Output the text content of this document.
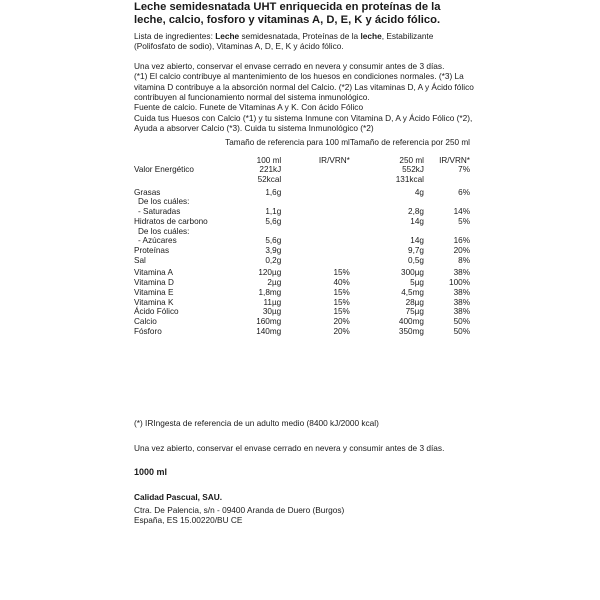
Leche semidesnatada UHT enriquecida en proteínas de la leche, calcio, fosforo y vitaminas A, D, E, K y ácido fólico.

Lista de ingredientes: Leche semidesnatada, Proteínas de la leche, Estabilizante (Polifosfato de sodio), Vitaminas A, D, E, K y ácido fólico.

Una vez abierto, conservar el envase cerrado en nevera y consumir antes de 3 días.

(*1) El calcio contribuye al mantenimiento de los huesos en condiciones normales. (*3) La vitamina D contribuye a la absorción normal del Calcio. (*2) Las vitaminas D, A y Ácido fólico contribuyen al funcionamiento normal del sistema inmunológico.

Fuente de calcio. Funete de Vitaminas A y K. Con ácido Fólico

Cuida tus Huesos con Calcio (*1) y tu sistema Inmune con Vitamina D, A y Ácido Fólico (*2), Ayuda a absorver Calcio (*3). Cuida tu sistema Inmunológico (*2)

	Tamaño de referencia para 100 ml		Tamaño de referencia por 250 ml	

	100 ml	IR/VRN*	250 ml	IR/VRN*
Valor Energético	221kJ		552kJ	7%
	52kcal		131kcal	

Grasas	1,6g		4g	6%
De los cuáles:				
- Saturadas	1,1g		2,8g	14%
Hidratos de carbono	5,6g		14g	5%
De los cuáles:				
- Azúcares	5,6g		14g	16%
Proteínas	3,9g		9,7g	20%
Sal	0,2g		0,5g	8%

Vitamina A	120µg	15%	300µg	38%
Vitamina D	2µg	40%	5µg	100%
Vitamina E	1,8mg	15%	4,5mg	38%
Vitamina K	11µg	15%	28µg	38%
Ácido Fólico	30µg	15%	75µg	38%
Calcio	160mg	20%	400mg	50%
Fósforo	140mg	20%	350mg	50%

(*) IRIngesta de referencia de un adulto medio (8400 kJ/2000 kcal)

Una vez abierto, conservar el envase cerrado en nevera y consumir antes de 3 días.

1000 ml

Calidad Pascual, SAU.

Ctra. De Palencia, s/n - 09400 Aranda de Duero (Burgos)

España, ES 15.00220/BU CE
